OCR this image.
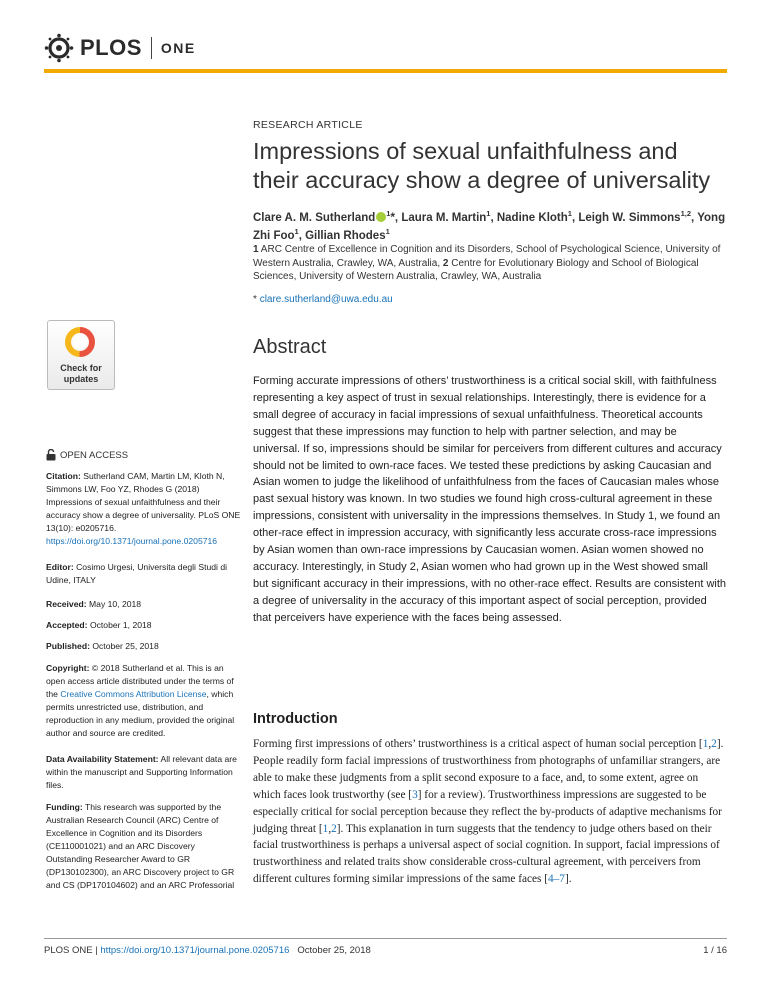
PLOS ONE
Check for
updates
OPEN ACCESS
Citation: Sutherland CAM, Martin LM, Kloth N, Simmons LW, Foo YZ, Rhodes G (2018) Impressions of sexual unfaithfulness and their accuracy show a degree of universality. PLoS ONE 13(10): e0205716. https://doi.org/10.1371/journal.pone.0205716
Editor: Cosimo Urgesi, Universita degli Studi di Udine, ITALY
Received: May 10, 2018
Accepted: October 1, 2018
Published: October 25, 2018
Copyright: © 2018 Sutherland et al. This is an open access article distributed under the terms of the Creative Commons Attribution License, which permits unrestricted use, distribution, and reproduction in any medium, provided the original author and source are credited.
Data Availability Statement: All relevant data are within the manuscript and Supporting Information files.
Funding: This research was supported by the Australian Research Council (ARC) Centre of Excellence in Cognition and its Disorders (CE110001021) and an ARC Discovery Outstanding Researcher Award to GR (DP130102300), an ARC Discovery project to GR and CS (DP170104602) and an ARC Professorial
RESEARCH ARTICLE
Impressions of sexual unfaithfulness and their accuracy show a degree of universality
Clare A. M. Sutherland $^1$*, Laura M. Martin$^1$, Nadine Kloth$^1$, Leigh W. Simmons$^{1,2}$, Yong Zhi Foo$^1$, Gillian Rhodes$^1$
1 ARC Centre of Excellence in Cognition and its Disorders, School of Psychological Science, University of Western Australia, Crawley, WA, Australia, 2 Centre for Evolutionary Biology and School of Biological Sciences, University of Western Australia, Crawley, WA, Australia
* clare.sutherland@uwa.edu.au
Abstract
Forming accurate impressions of others’ trustworthiness is a critical social skill, with faithfulness representing a key aspect of trust in sexual relationships. Interestingly, there is evidence for a small degree of accuracy in facial impressions of sexual unfaithfulness. Theoretical accounts suggest that these impressions may function to help with partner selection, and may be universal. If so, impressions should be similar for perceivers from different cultures and accuracy should not be limited to own-race faces. We tested these predictions by asking Caucasian and Asian women to judge the likelihood of unfaithfulness from the faces of Caucasian males whose past sexual history was known. In two studies we found high cross-cultural agreement in these impressions, consistent with universality in the impressions themselves. In Study 1, we found an other-race effect in impression accuracy, with significantly less accurate cross-race impressions by Asian women than own-race impressions by Caucasian women. Asian women showed no accuracy. Interestingly, in Study 2, Asian women who had grown up in the West showed small but significant accuracy in their impressions, with no other-race effect. Results are consistent with a degree of universality in the accuracy of this important aspect of social perception, provided that perceivers have experience with the faces being assessed.
Introduction
Forming first impressions of others’ trustworthiness is a critical aspect of human social perception [1,2]. People readily form facial impressions of trustworthiness from photographs of unfamiliar strangers, are able to make these judgments from a split second exposure to a face, and, to some extent, agree on which faces look trustworthy (see [3] for a review). Trustworthiness impressions are suggested to be especially critical for social perception because they reflect the by-products of adaptive mechanisms for judging threat [1,2]. This explanation in turn suggests that the tendency to judge others based on their facial trustworthiness is perhaps a universal aspect of social cognition. In support, facial impressions of trustworthiness and related traits show considerable cross-cultural agreement, with perceivers from different cultures forming similar impressions of the same faces [4–7].
PLOS ONE | https://doi.org/10.1371/journal.pone.0205716 October 25, 2018	1 / 16
